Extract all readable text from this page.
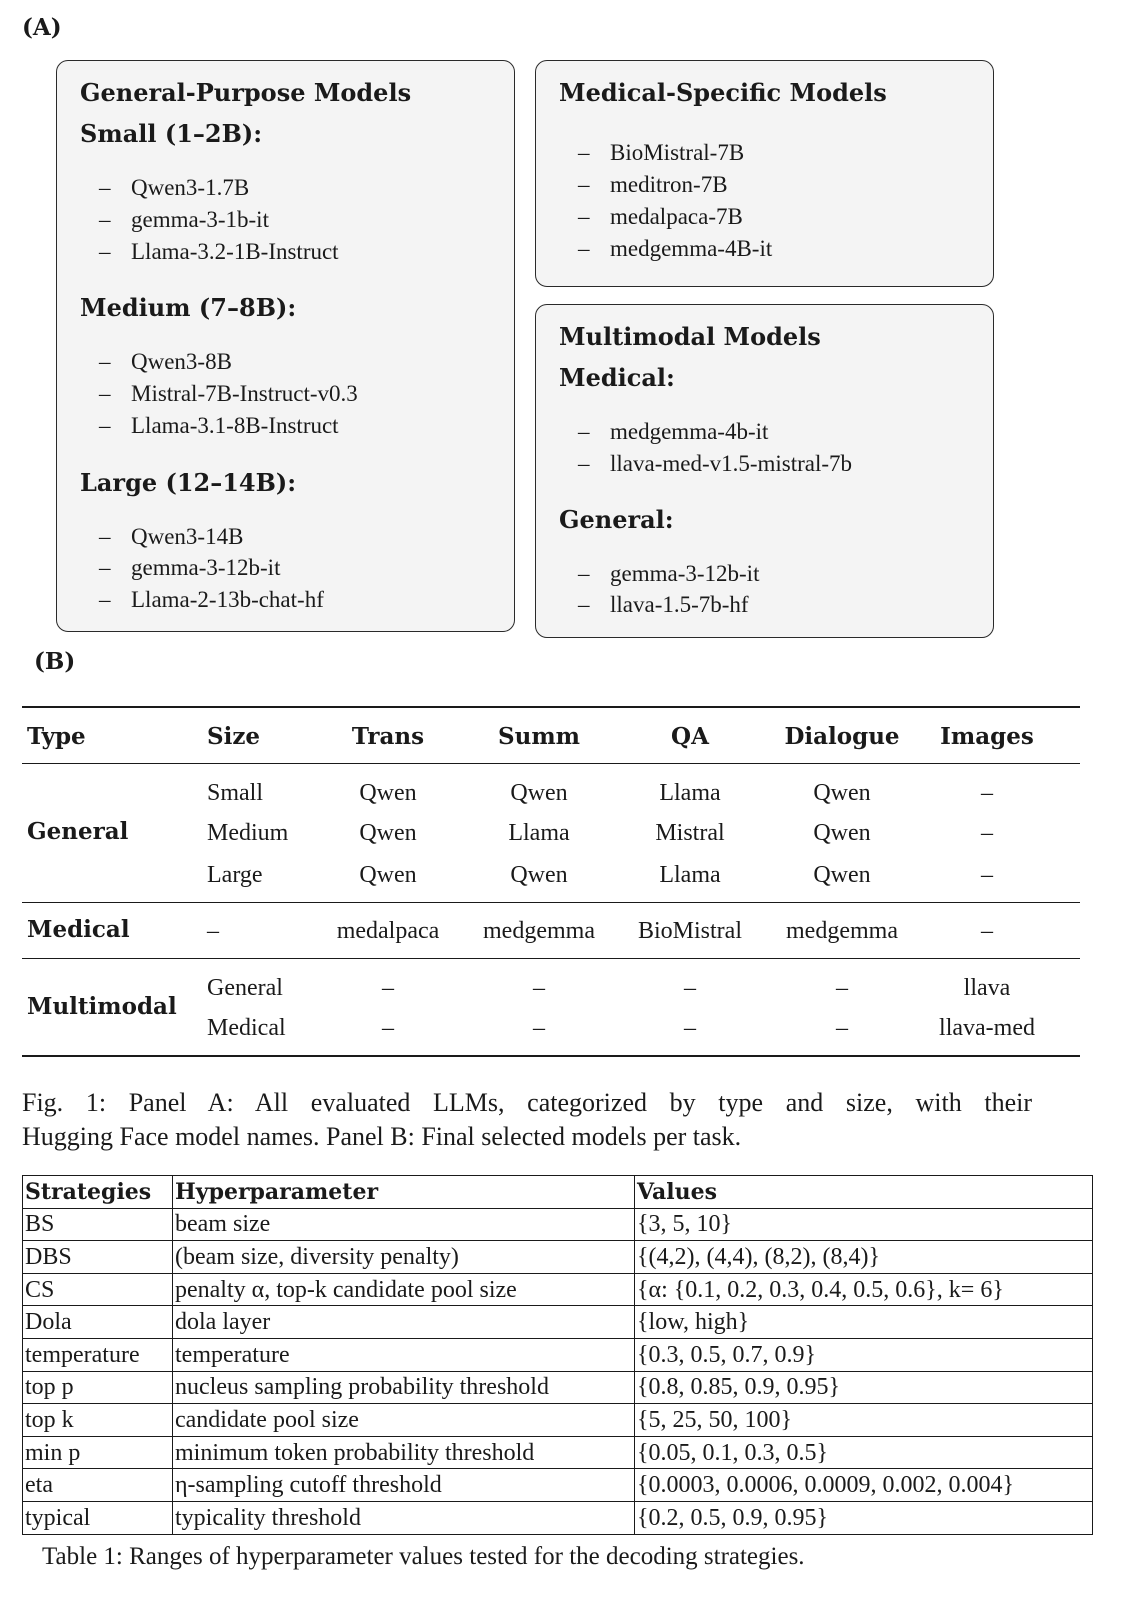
(A)
General-Purpose Models
Small (1–2B):
– Qwen3-1.7B
– gemma-3-1b-it
– Llama-3.2-1B-Instruct
Medium (7–8B):
– Qwen3-8B
– Mistral-7B-Instruct-v0.3
– Llama-3.1-8B-Instruct
Large (12–14B):
– Qwen3-14B
– gemma-3-12b-it
– Llama-2-13b-chat-hf
Medical-Specific Models
– BioMistral-7B
– meditron-7B
– medalpaca-7B
– medgemma-4B-it
Multimodal Models
Medical:
– medgemma-4b-it
– llava-med-v1.5-mistral-7b
General:
– gemma-3-12b-it
– llava-1.5-7b-hf
(B)
Type	Size	Trans	Summ	QA	Dialogue Images
General
Small	Qwen	Qwen	Llama	Qwen	–
Medium	Qwen	Llama	Mistral	Qwen	–
Large	Qwen	Qwen	Llama	Qwen	–
Medical	–	medalpaca medgemma BioMistral medgemma	–
Multimodal
General	–	–	–	–	llava
Medical	–	–	–	–	llava-med
Fig. 1: Panel A: All evaluated LLMs, categorized by type and size, with their
Hugging Face model names. Panel B: Final selected models per task.
Strategies	Hyperparameter	Values
BS	beam size	{3, 5, 10}
DBS	(beam size, diversity penalty)	{(4,2), (4,4), (8,2), (8,4)}
CS	penalty α, top-k candidate pool size	{α: {0.1, 0.2, 0.3, 0.4, 0.5, 0.6}, k= 6}
Dola	dola layer	{low, high}
temperature	temperature	{0.3, 0.5, 0.7, 0.9}
top p	nucleus sampling probability threshold	{0.8, 0.85, 0.9, 0.95}
top k	candidate pool size	{5, 25, 50, 100}
min p	minimum token probability threshold	{0.05, 0.1, 0.3, 0.5}
eta	η-sampling cutoff threshold	{0.0003, 0.0006, 0.0009, 0.002, 0.004}
typical	typicality threshold	{0.2, 0.5, 0.9, 0.95}
Table 1: Ranges of hyperparameter values tested for the decoding strategies.
